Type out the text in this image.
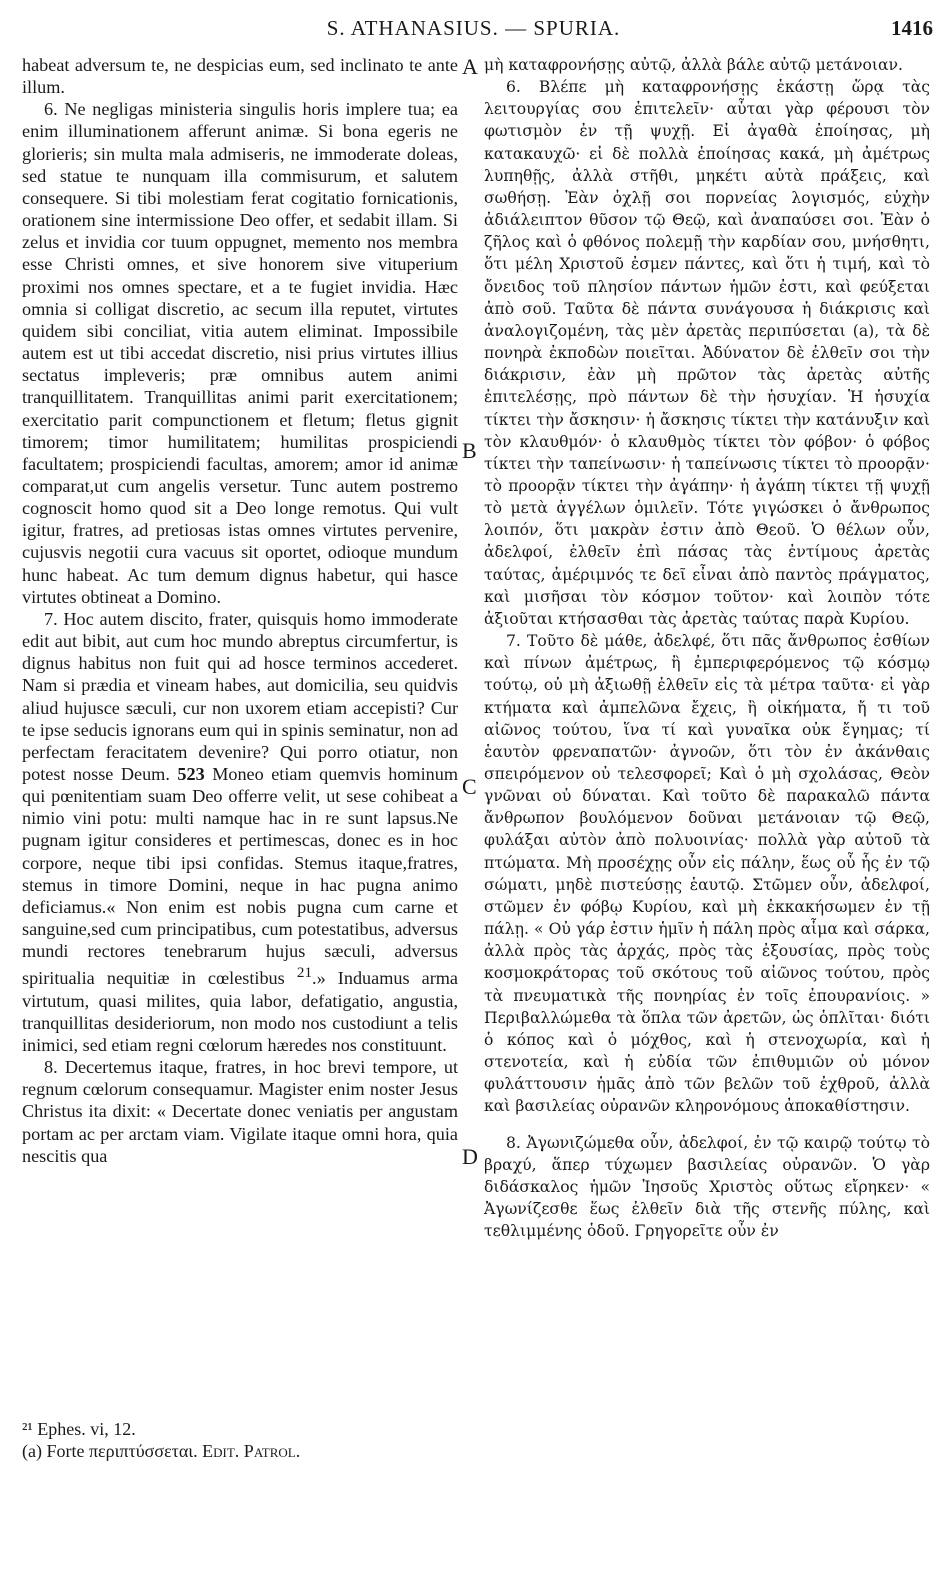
S. ATHANASIUS. — SPURIA.	1416
A
B
C
D

habeat adversum te, ne despicias eum, sed inclinato te ante illum.

6. Ne negligas ministeria singulis horis implere tua; ea enim illuminationem afferunt animæ. Si bona egeris ne glorieris; sin multa mala admiseris, ne immoderate doleas, sed statue te nunquam illa commisurum, et salutem consequere. Si tibi molestiam ferat cogitatio fornicationis, orationem sine intermissione Deo offer, et sedabit illam. Si zelus et invidia cor tuum oppugnet, memento nos membra esse Christi omnes, et sive honorem sive vituperium proximi nos omnes spectare, et a te fugiet invidia. Hæc omnia si colligat discretio, ac secum illa reputet, virtutes quidem sibi conciliat, vitia autem eliminat. Impossibile autem est ut tibi accedat discretio, nisi prius virtutes illius sectatus impleveris; præ omnibus autem animi tranquillitatem. Tranquillitas animi parit exercitationem; exercitatio parit compunctionem et fletum; fletus gignit timorem; timor humilitatem; humilitas prospiciendi facultatem; prospiciendi facultas, amorem; amor id animæ comparat,ut cum angelis versetur. Tunc autem postremo cognoscit homo quod sit a Deo longe remotus. Qui vult igitur, fratres, ad pretiosas istas omnes virtutes pervenire, cujusvis negotii cura vacuus sit oportet, odioque mundum hunc habeat. Ac tum demum dignus habetur, qui hasce virtutes obtineat a Domino.

7. Hoc autem discito, frater, quisquis homo immoderate edit aut bibit, aut cum hoc mundo abreptus circumfertur, is dignus habitus non fuit qui ad hosce terminos accederet. Nam si prædia et vineam habes, aut domicilia, seu quidvis aliud hujusce sæculi, cur non uxorem etiam accepisti? Cur te ipse seducis ignorans eum qui in spinis seminatur, non ad perfectam feracitatem devenire? Qui porro otiatur, non potest nosse Deum. 523 Moneo etiam quemvis hominum qui pœnitentiam suam Deo offerre velit, ut sese cohibeat a nimio vini potu: multi namque hac in re sunt lapsus.Ne pugnam igitur consideres et pertimescas, donec es in hoc corpore, neque tibi ipsi confidas. Stemus itaque,fratres, stemus in timore Domini, neque in hac pugna animo deficiamus.« Non enim est nobis pugna cum carne et sanguine,sed cum principatibus, cum potestatibus, adversus mundi rectores tenebrarum hujus sæculi, adversus spiritualia nequitiæ in cœlestibus $^{21}$.» Induamus arma virtutum, quasi milites, quia labor, defatigatio, angustia, tranquillitas desideriorum, non modo nos custodiunt a telis inimici, sed etiam regni cœlorum hæredes nos constituunt.

8. Decertemus itaque, fratres, in hoc brevi tempore, ut regnum cœlorum consequamur. Magister enim noster Jesus Christus ita dixit: « Decertate donec veniatis per angustam portam ac per arctam viam. Vigilate itaque omni hora, quia nescitis qua

μὴ καταφρονήσῃς αὐτῷ, ἀλλὰ βάλε αὐτῷ μετάνοιαν.

6. Βλέπε μὴ καταφρονήσῃς ἑκάστῃ ὥρᾳ τὰς λειτουργίας σου ἐπιτελεῖν· αὗται γὰρ φέρουσι τὸν φωτισμὸν ἐν τῇ ψυχῇ. Εἰ ἀγαθὰ ἐποίησας, μὴ κατακαυχῶ· εἰ δὲ πολλὰ ἐποίησας κακά, μὴ ἀμέτρως λυπηθῇς, ἀλλὰ στῆθι, μηκέτι αὐτὰ πράξεις, καὶ σωθήσῃ. Ἐὰν ὀχλῇ σοι πορνείας λογισμός, εὐχὴν ἀδιάλειπτον θῦσον τῷ Θεῷ, καὶ ἀναπαύσει σοι. Ἐὰν ὁ ζῆλος καὶ ὁ φθόνος πολεμῇ τὴν καρδίαν σου, μνήσθητι, ὅτι μέλη Χριστοῦ ἐσμεν πάντες, καὶ ὅτι ἡ τιμή, καὶ τὸ ὄνειδος τοῦ πλησίον πάντων ἡμῶν ἐστι, καὶ φεύξεται ἀπὸ σοῦ. Ταῦτα δὲ πάντα συνάγουσα ἡ διάκρισις καὶ ἀναλογιζομένη, τὰς μὲν ἀρετὰς περιπύσεται (a), τὰ δὲ πονηρὰ ἐκποδὼν ποιεῖται. Ἀδύνατον δὲ ἐλθεῖν σοι τὴν διάκρισιν, ἐὰν μὴ πρῶτον τὰς ἀρετὰς αὐτῆς ἐπιτελέσῃς, πρὸ πάντων δὲ τὴν ἡσυχίαν. Ἡ ἡσυχία τίκτει τὴν ἄσκησιν· ἡ ἄσκησις τίκτει τὴν κατάνυξιν καὶ τὸν κλαυθμόν· ὁ κλαυθμὸς τίκτει τὸν φόβον· ὁ φόβος τίκτει τὴν ταπείνωσιν· ἡ ταπείνωσις τίκτει τὸ προορᾷν· τὸ προορᾷν τίκτει τὴν ἀγάπην· ἡ ἀγάπη τίκτει τῇ ψυχῇ τὸ μετὰ ἀγγέλων ὁμιλεῖν. Τότε γιγώσκει ὁ ἄνθρωπος λοιπόν, ὅτι μακρὰν ἐστιν ἀπὸ Θεοῦ. Ὁ θέλων οὖν, ἀδελφοί, ἐλθεῖν ἐπὶ πάσας τὰς ἐντίμους ἀρετὰς ταύτας, ἀμέριμνός τε δεῖ εἶναι ἀπὸ παντὸς πράγματος, καὶ μισῆσαι τὸν κόσμον τοῦτον· καὶ λοιπὸν τότε ἀξιοῦται κτήσασθαι τὰς ἀρετὰς ταύτας παρὰ Κυρίου.

7. Τοῦτο δὲ μάθε, ἀδελφέ, ὅτι πᾶς ἄνθρωπος ἐσθίων καὶ πίνων ἀμέτρως, ἢ ἐμπεριφερόμενος τῷ κόσμῳ τούτῳ, οὐ μὴ ἀξιωθῇ ἐλθεῖν εἰς τὰ μέτρα ταῦτα· εἰ γὰρ κτήματα καὶ ἀμπελῶνα ἔχεις, ἢ οἰκήματα, ἤ τι τοῦ αἰῶνος τούτου, ἵνα τί καὶ γυναῖκα οὐκ ἔγημας; τί ἑαυτὸν φρεναπατῶν· ἀγνοῶν, ὅτι τὸν ἐν ἀκάνθαις σπειρόμενον οὐ τελεσφορεῖ; Καὶ ὁ μὴ σχολάσας, Θεὸν γνῶναι οὐ δύναται. Καὶ τοῦτο δὲ παρακαλῶ πάντα ἄνθρωπον βουλόμενον δοῦναι μετάνοιαν τῷ Θεῷ, φυλάξαι αὐτὸν ἀπὸ πολυοινίας· πολλὰ γὰρ αὐτοῦ τὰ πτώματα. Μὴ προσέχῃς οὖν εἰς πάλην, ἕως οὗ ἧς ἐν τῷ σώματι, μηδὲ πιστεύσῃς ἑαυτῷ. Στῶμεν οὖν, ἀδελφοί, στῶμεν ἐν φόβῳ Κυρίου, καὶ μὴ ἐκκακήσωμεν ἐν τῇ πάλῃ. « Οὐ γάρ ἐστιν ἡμῖν ἡ πάλη πρὸς αἷμα καὶ σάρκα, ἀλλὰ πρὸς τὰς ἀρχάς, πρὸς τὰς ἐξουσίας, πρὸς τοὺς κοσμοκράτορας τοῦ σκότους τοῦ αἰῶνος τούτου, πρὸς τὰ πνευματικὰ τῆς πονηρίας ἐν τοῖς ἐπουρανίοις. » Περιβαλλώμεθα τὰ ὅπλα τῶν ἀρετῶν, ὡς ὁπλῖται· διότι ὁ κόπος καὶ ὁ μόχθος, καὶ ἡ στενοχωρία, καὶ ἡ στενοτεία, καὶ ἡ εὐδία τῶν ἐπιθυμιῶν οὐ μόνον φυλάττουσιν ἡμᾶς ἀπὸ τῶν βελῶν τοῦ ἐχθροῦ, ἀλλὰ καὶ βασιλείας οὐρανῶν κληρονόμους ἀποκαθίστησιν.

8. Ἀγωνιζώμεθα οὖν, ἀδελφοί, ἐν τῷ καιρῷ τούτῳ τὸ βραχύ, ἅπερ τύχωμεν βασιλείας οὐρανῶν. Ὁ γὰρ διδάσκαλος ἡμῶν Ἰησοῦς Χριστὸς οὕτως εἴρηκεν· « Ἀγωνίζεσθε ἕως ἐλθεῖν διὰ τῆς στενῆς πύλης, καὶ τεθλιμμένης ὁδοῦ. Γρηγορεῖτε οὖν ἐν

²¹ Ephes. vi, 12.

(a) Forte περιπτύσσεται. Edit. Patrol.
